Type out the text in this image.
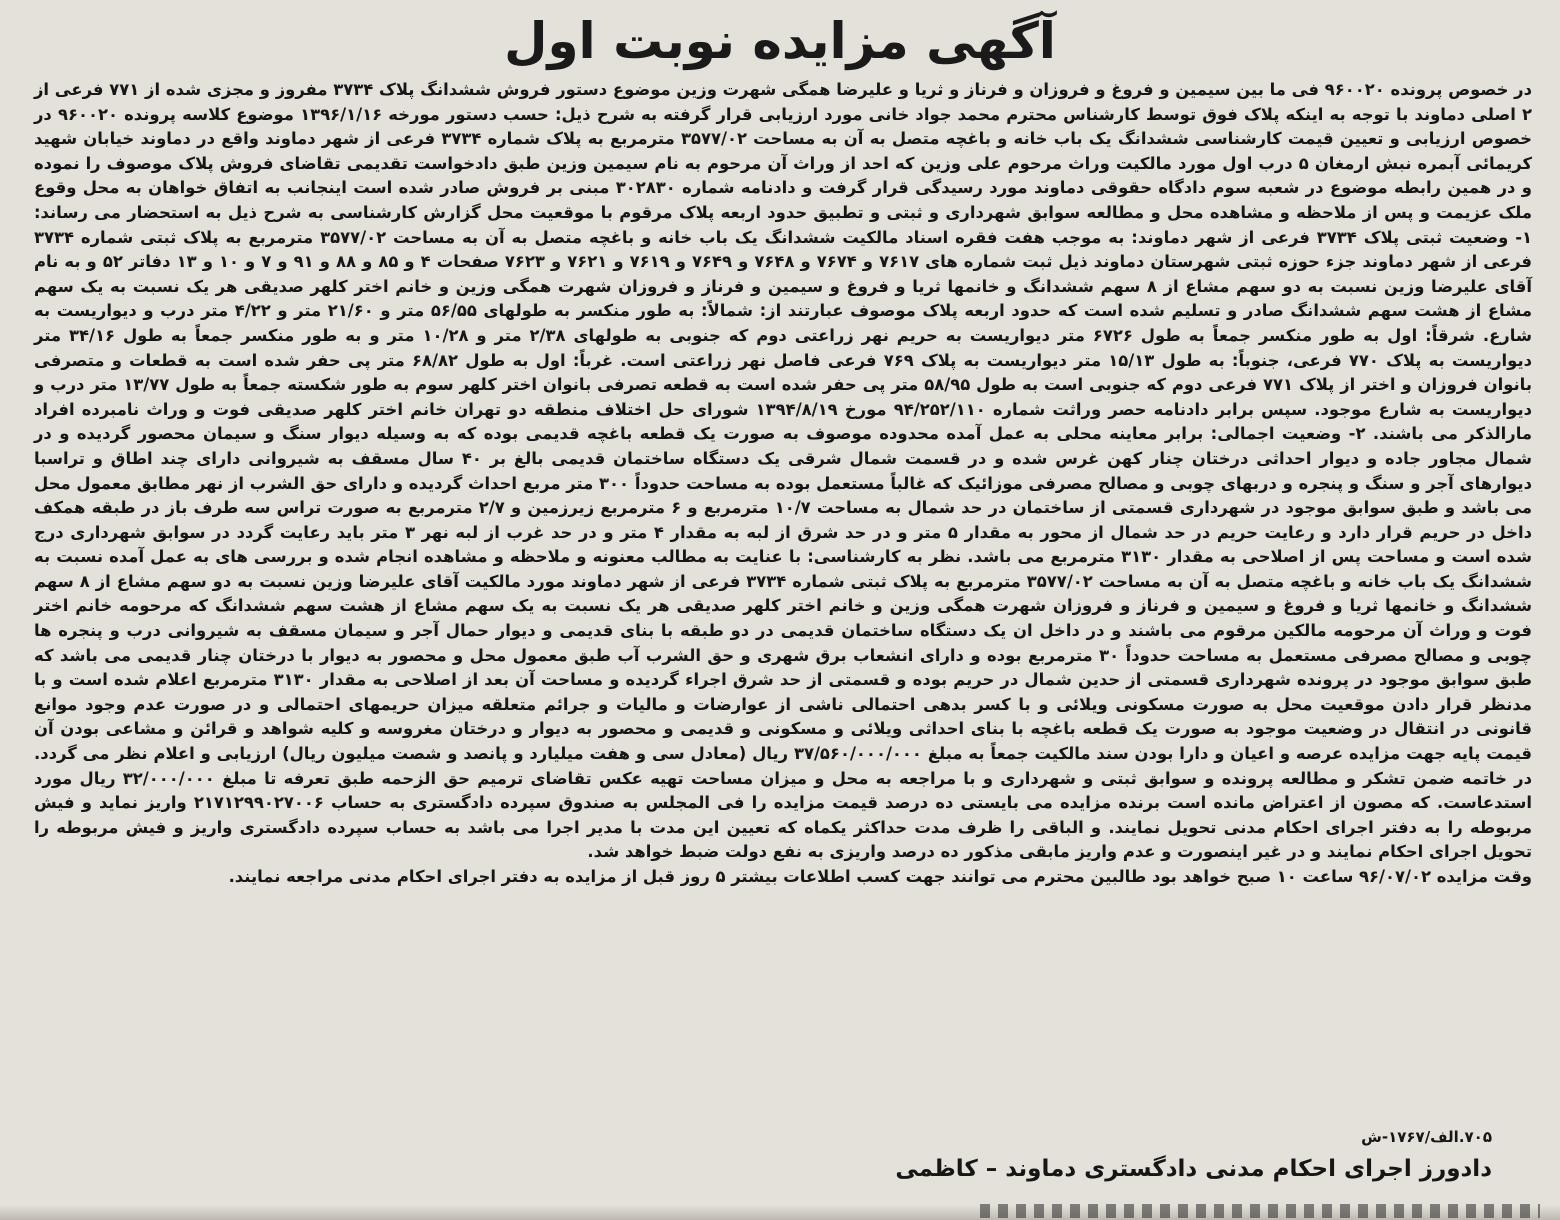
آگهی مزایده نوبت اول

در خصوص پرونده ۹۶۰۰۲۰ فی ما بین سیمین و فروغ و فروزان و فرناز و ثریا و علیرضا همگی شهرت وزین موضوع دستور فروش ششدانگ پلاک ۳۷۳۴ مفروز و مجزی شده از ۷۷۱ فرعی از ۲ اصلی دماوند با توجه به اینکه پلاک فوق توسط کارشناس محترم محمد جواد خانی مورد ارزیابی قرار گرفته به شرح ذیل: حسب دستور مورخه ۱۳۹۶/۱/۱۶ موضوع کلاسه پرونده ۹۶۰۰۲۰ در خصوص ارزیابی و تعیین قیمت کارشناسی ششدانگ یک باب خانه و باغچه متصل به آن به مساحت ۳۵۷۷/۰۲ مترمربع به پلاک شماره ۳۷۳۴ فرعی از شهر دماوند واقع در دماوند خیابان شهید کریمائی آبمره نبش ارمغان ۵ درب اول مورد مالکیت وراث مرحوم علی وزین که احد از وراث آن مرحوم به نام سیمین وزین طبق دادخواست تقدیمی تقاضای فروش پلاک موصوف را نموده و در همین رابطه موضوع در شعبه سوم دادگاه حقوقی دماوند مورد رسیدگی قرار گرفت و دادنامه شماره ۳۰۲۸۳۰ مبنی بر فروش صادر شده است اینجانب به اتفاق خواهان به محل وقوع ملک عزیمت و پس از ملاحظه و مشاهده محل و مطالعه سوابق شهرداری و ثبتی و تطبیق حدود اربعه پلاک مرقوم با موقعیت محل گزارش کارشناسی به شرح ذیل به استحضار می رساند: ۱- وضعیت ثبتی پلاک ۳۷۳۴ فرعی از شهر دماوند: به موجب هفت فقره اسناد مالکیت ششدانگ یک باب خانه و باغچه متصل به آن به مساحت ۳۵۷۷/۰۲ مترمربع به پلاک ثبتی شماره ۳۷۳۴ فرعی از شهر دماوند جزء حوزه ثبتی شهرستان دماوند ذیل ثبت شماره های ۷۶۱۷ و ۷۶۷۴ و ۷۶۴۸ و ۷۶۴۹ و ۷۶۱۹ و ۷۶۲۱ و ۷۶۲۳ صفحات ۴ و ۸۵ و ۸۸ و ۹۱ و ۷ و ۱۰ و ۱۳ دفاتر ۵۲ و به نام آقای علیرضا وزین نسبت به دو سهم مشاع از ۸ سهم ششدانگ و خانمها ثریا و فروغ و سیمین و فرناز و فروزان شهرت همگی وزین و خانم اختر کلهر صدیقی هر یک نسبت به یک سهم مشاع از هشت سهم ششدانگ صادر و تسلیم شده است که حدود اربعه پلاک موصوف عبارتند از: شمالاً: به طور منکسر به طولهای ۵۶/۵۵ متر و ۲۱/۶۰ متر و ۴/۲۲ متر درب و دیواریست به شارع. شرقاً: اول به طور منکسر جمعاً به طول ۶۷۲۶ متر دیواریست به حریم نهر زراعتی دوم که جنوبی به طولهای ۲/۳۸ متر و ۱۰/۲۸ متر و به طور منکسر جمعاً به طول ۳۴/۱۶ متر دیواریست به پلاک ۷۷۰ فرعی، جنوباً: به طول ۱۵/۱۳ متر دیواریست به پلاک ۷۶۹ فرعی فاصل نهر زراعتی است. غرباً: اول به طول ۶۸/۸۲ متر پی حفر شده است به قطعات و متصرفی بانوان فروزان و اختر از پلاک ۷۷۱ فرعی دوم که جنوبی است به طول ۵۸/۹۵ متر پی حفر شده است به قطعه تصرفی بانوان اختر کلهر سوم به طور شکسته جمعاً به طول ۱۳/۷۷ متر درب و دیواریست به شارع موجود. سپس برابر دادنامه حصر وراثت شماره ۹۴/۲۵۲/۱۱۰ مورخ ۱۳۹۴/۸/۱۹ شورای حل اختلاف منطقه دو تهران خانم اختر کلهر صدیقی فوت و وراث نامبرده افراد مارالذکر می باشند. ۲- وضعیت اجمالی: برابر معاینه محلی به عمل آمده محدوده موصوف به صورت یک قطعه باغچه قدیمی بوده که به وسیله دیوار سنگ و سیمان محصور گردیده و در شمال مجاور جاده و دیوار احداثی درختان چنار کهن غرس شده و در قسمت شمال شرقی یک دستگاه ساختمان قدیمی بالغ بر ۴۰ سال مسقف به شیروانی دارای چند اطاق و تراسبا دیوارهای آجر و سنگ و پنجره و دربهای چوبی و مصالح مصرفی موزائیک که غالباً مستعمل بوده به مساحت حدوداً ۳۰۰ متر مربع احداث گردیده و دارای حق الشرب از نهر مطابق معمول محل می باشد و طبق سوابق موجود در شهرداری قسمتی از ساختمان در حد شمال به مساحت ۱۰/۷ مترمربع و ۶ مترمربع زیرزمین و ۲/۷ مترمربع به صورت تراس سه طرف باز در طبقه همکف داخل در حریم قرار دارد و رعایت حریم در حد شمال از محور به مقدار ۵ متر و در حد شرق از لبه به مقدار ۴ متر و در حد غرب از لبه نهر ۳ متر باید رعایت گردد در سوابق شهرداری درج شده است و مساحت پس از اصلاحی به مقدار ۳۱۳۰ مترمربع می باشد. نظر به کارشناسی: با عنایت به مطالب معنونه و ملاحظه و مشاهده انجام شده و بررسی های به عمل آمده نسبت به ششدانگ یک باب خانه و باغچه متصل به آن به مساحت ۳۵۷۷/۰۲ مترمربع به پلاک ثبتی شماره ۳۷۳۴ فرعی از شهر دماوند مورد مالکیت آقای علیرضا وزین نسبت به دو سهم مشاع از ۸ سهم ششدانگ و خانمها ثریا و فروغ و سیمین و فرناز و فروزان شهرت همگی وزین و خانم اختر کلهر صدیقی هر یک نسبت به یک سهم مشاع از هشت سهم ششدانگ که مرحومه خانم اختر فوت و وراث آن مرحومه مالکین مرقوم می باشند و در داخل ان یک دستگاه ساختمان قدیمی در دو طبقه با بنای قدیمی و دیوار حمال آجر و سیمان مسقف به شیروانی درب و پنجره ها چوبی و مصالح مصرفی مستعمل به مساحت حدوداً ۳۰ مترمربع بوده و دارای انشعاب برق شهری و حق الشرب آب طبق معمول محل و محصور به دیوار با درختان چنار قدیمی می باشد که طبق سوابق موجود در پرونده شهرداری قسمتی از حدین شمال در حریم بوده و قسمتی از حد شرق اجراء گردیده و مساحت آن بعد از اصلاحی به مقدار ۳۱۳۰ مترمربع اعلام شده است و با مدنظر قرار دادن موقعیت محل به صورت مسکونی ویلائی و با کسر بدهی احتمالی ناشی از عوارضات و مالیات و جرائم متعلقه میزان حریمهای احتمالی و در صورت عدم وجود موانع قانونی در انتقال در وضعیت موجود به صورت یک قطعه باغچه با بنای احداثی ویلائی و مسکونی و قدیمی و محصور به دیوار و درختان مغروسه و کلیه شواهد و قرائن و مشاعی بودن آن قیمت پایه جهت مزایده عرصه و اعیان و دارا بودن سند مالکیت جمعاً به مبلغ ۳۷/۵۶۰/۰۰۰/۰۰۰ ریال (معادل سی و هفت میلیارد و پانصد و شصت میلیون ریال) ارزیابی و اعلام نظر می گردد. در خاتمه ضمن تشکر و مطالعه پرونده و سوابق ثبتی و شهرداری و با مراجعه به محل و میزان مساحت تهیه عکس تقاضای ترمیم حق الزحمه طبق تعرفه تا مبلغ ۳۲/۰۰۰/۰۰۰ ریال مورد استدعاست. که مصون از اعتراض مانده است برنده مزایده می بایستی ده درصد قیمت مزایده را فی المجلس به صندوق سپرده دادگستری به حساب ۲۱۷۱۲۹۹۰۲۷۰۰۶ واریز نماید و فیش مربوطه را به دفتر اجرای احکام مدنی تحویل نمایند. و الباقی را ظرف مدت حداکثر یکماه که تعیین این مدت با مدیر اجرا می باشد به حساب سپرده دادگستری واریز و فیش مربوطه را تحویل اجرای احکام نمایند و در غیر اینصورت و عدم واریز مابقی مذکور ده درصد واریزی به نفع دولت ضبط خواهد شد.

وقت مزایده ۹۶/۰۷/۰۲ ساعت ۱۰ صبح خواهد بود طالبین محترم می توانند جهت کسب اطلاعات بیشتر ۵ روز قبل از مزایده به دفتر اجرای احکام مدنی مراجعه نمایند.

۷۰۵.الف/۱۷۶۷-ش
دادورز اجرای احکام مدنی دادگستری دماوند – کاظمی
